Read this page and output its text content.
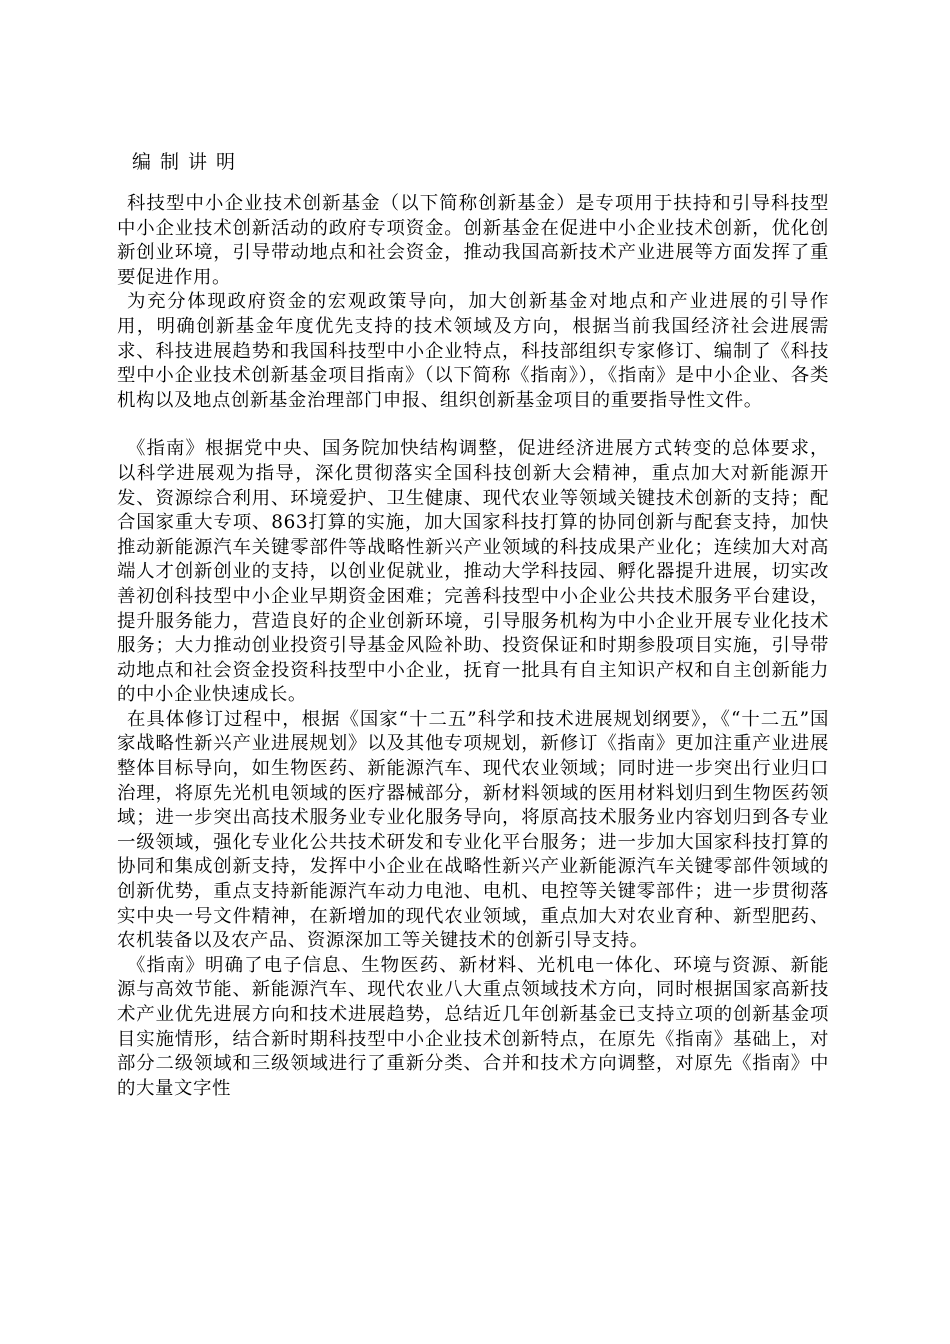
编制讲明

科技型中小企业技术创新基金（以下简称创新基金）是专项用于扶持和引导科技型中小企业技术创新活动的政府专项资金。创新基金在促进中小企业技术创新，优化创新创业环境，引导带动地点和社会资金，推动我国高新技术产业进展等方面发挥了重要促进作用。

为充分体现政府资金的宏观政策导向，加大创新基金对地点和产业进展的引导作用，明确创新基金年度优先支持的技术领域及方向，根据当前我国经济社会进展需求、科技进展趋势和我国科技型中小企业特点，科技部组织专家修订、编制了《科技型中小企业技术创新基金项目指南》（以下简称《指南》），《指南》是中小企业、各类机构以及地点创新基金治理部门申报、组织创新基金项目的重要指导性文件。

《指南》根据党中央、国务院加快结构调整，促进经济进展方式转变的总体要求，以科学进展观为指导，深化贯彻落实全国科技创新大会精神，重点加大对新能源开发、资源综合利用、环境爱护、卫生健康、现代农业等领域关键技术创新的支持；配合国家重大专项、863打算的实施，加大国家科技打算的协同创新与配套支持，加快推动新能源汽车关键零部件等战略性新兴产业领域的科技成果产业化；连续加大对高端人才创新创业的支持，以创业促就业，推动大学科技园、孵化器提升进展，切实改善初创科技型中小企业早期资金困难；完善科技型中小企业公共技术服务平台建设，提升服务能力，营造良好的企业创新环境，引导服务机构为中小企业开展专业化技术服务；大力推动创业投资引导基金风险补助、投资保证和时期参股项目实施，引导带动地点和社会资金投资科技型中小企业，抚育一批具有自主知识产权和自主创新能力的中小企业快速成长。

在具体修订过程中，根据《国家“十二五”科学和技术进展规划纲要》，《“十二五”国家战略性新兴产业进展规划》以及其他专项规划，新修订《指南》更加注重产业进展整体目标导向，如生物医药、新能源汽车、现代农业领域；同时进一步突出行业归口治理，将原先光机电领域的医疗器械部分，新材料领域的医用材料划归到生物医药领域；进一步突出高技术服务业专业化服务导向，将原高技术服务业内容划归到各专业一级领域，强化专业化公共技术研发和专业化平台服务；进一步加大国家科技打算的协同和集成创新支持，发挥中小企业在战略性新兴产业新能源汽车关键零部件领域的创新优势，重点支持新能源汽车动力电池、电机、电控等关键零部件；进一步贯彻落实中央一号文件精神，在新增加的现代农业领域，重点加大对农业育种、新型肥药、农机装备以及农产品、资源深加工等关键技术的创新引导支持。

《指南》明确了电子信息、生物医药、新材料、光机电一体化、环境与资源、新能源与高效节能、新能源汽车、现代农业八大重点领域技术方向，同时根据国家高新技术产业优先进展方向和技术进展趋势，总结近几年创新基金已支持立项的创新基金项目实施情形，结合新时期科技型中小企业技术创新特点，在原先《指南》基础上，对部分二级领域和三级领域进行了重新分类、合并和技术方向调整，对原先《指南》中的大量文字性
